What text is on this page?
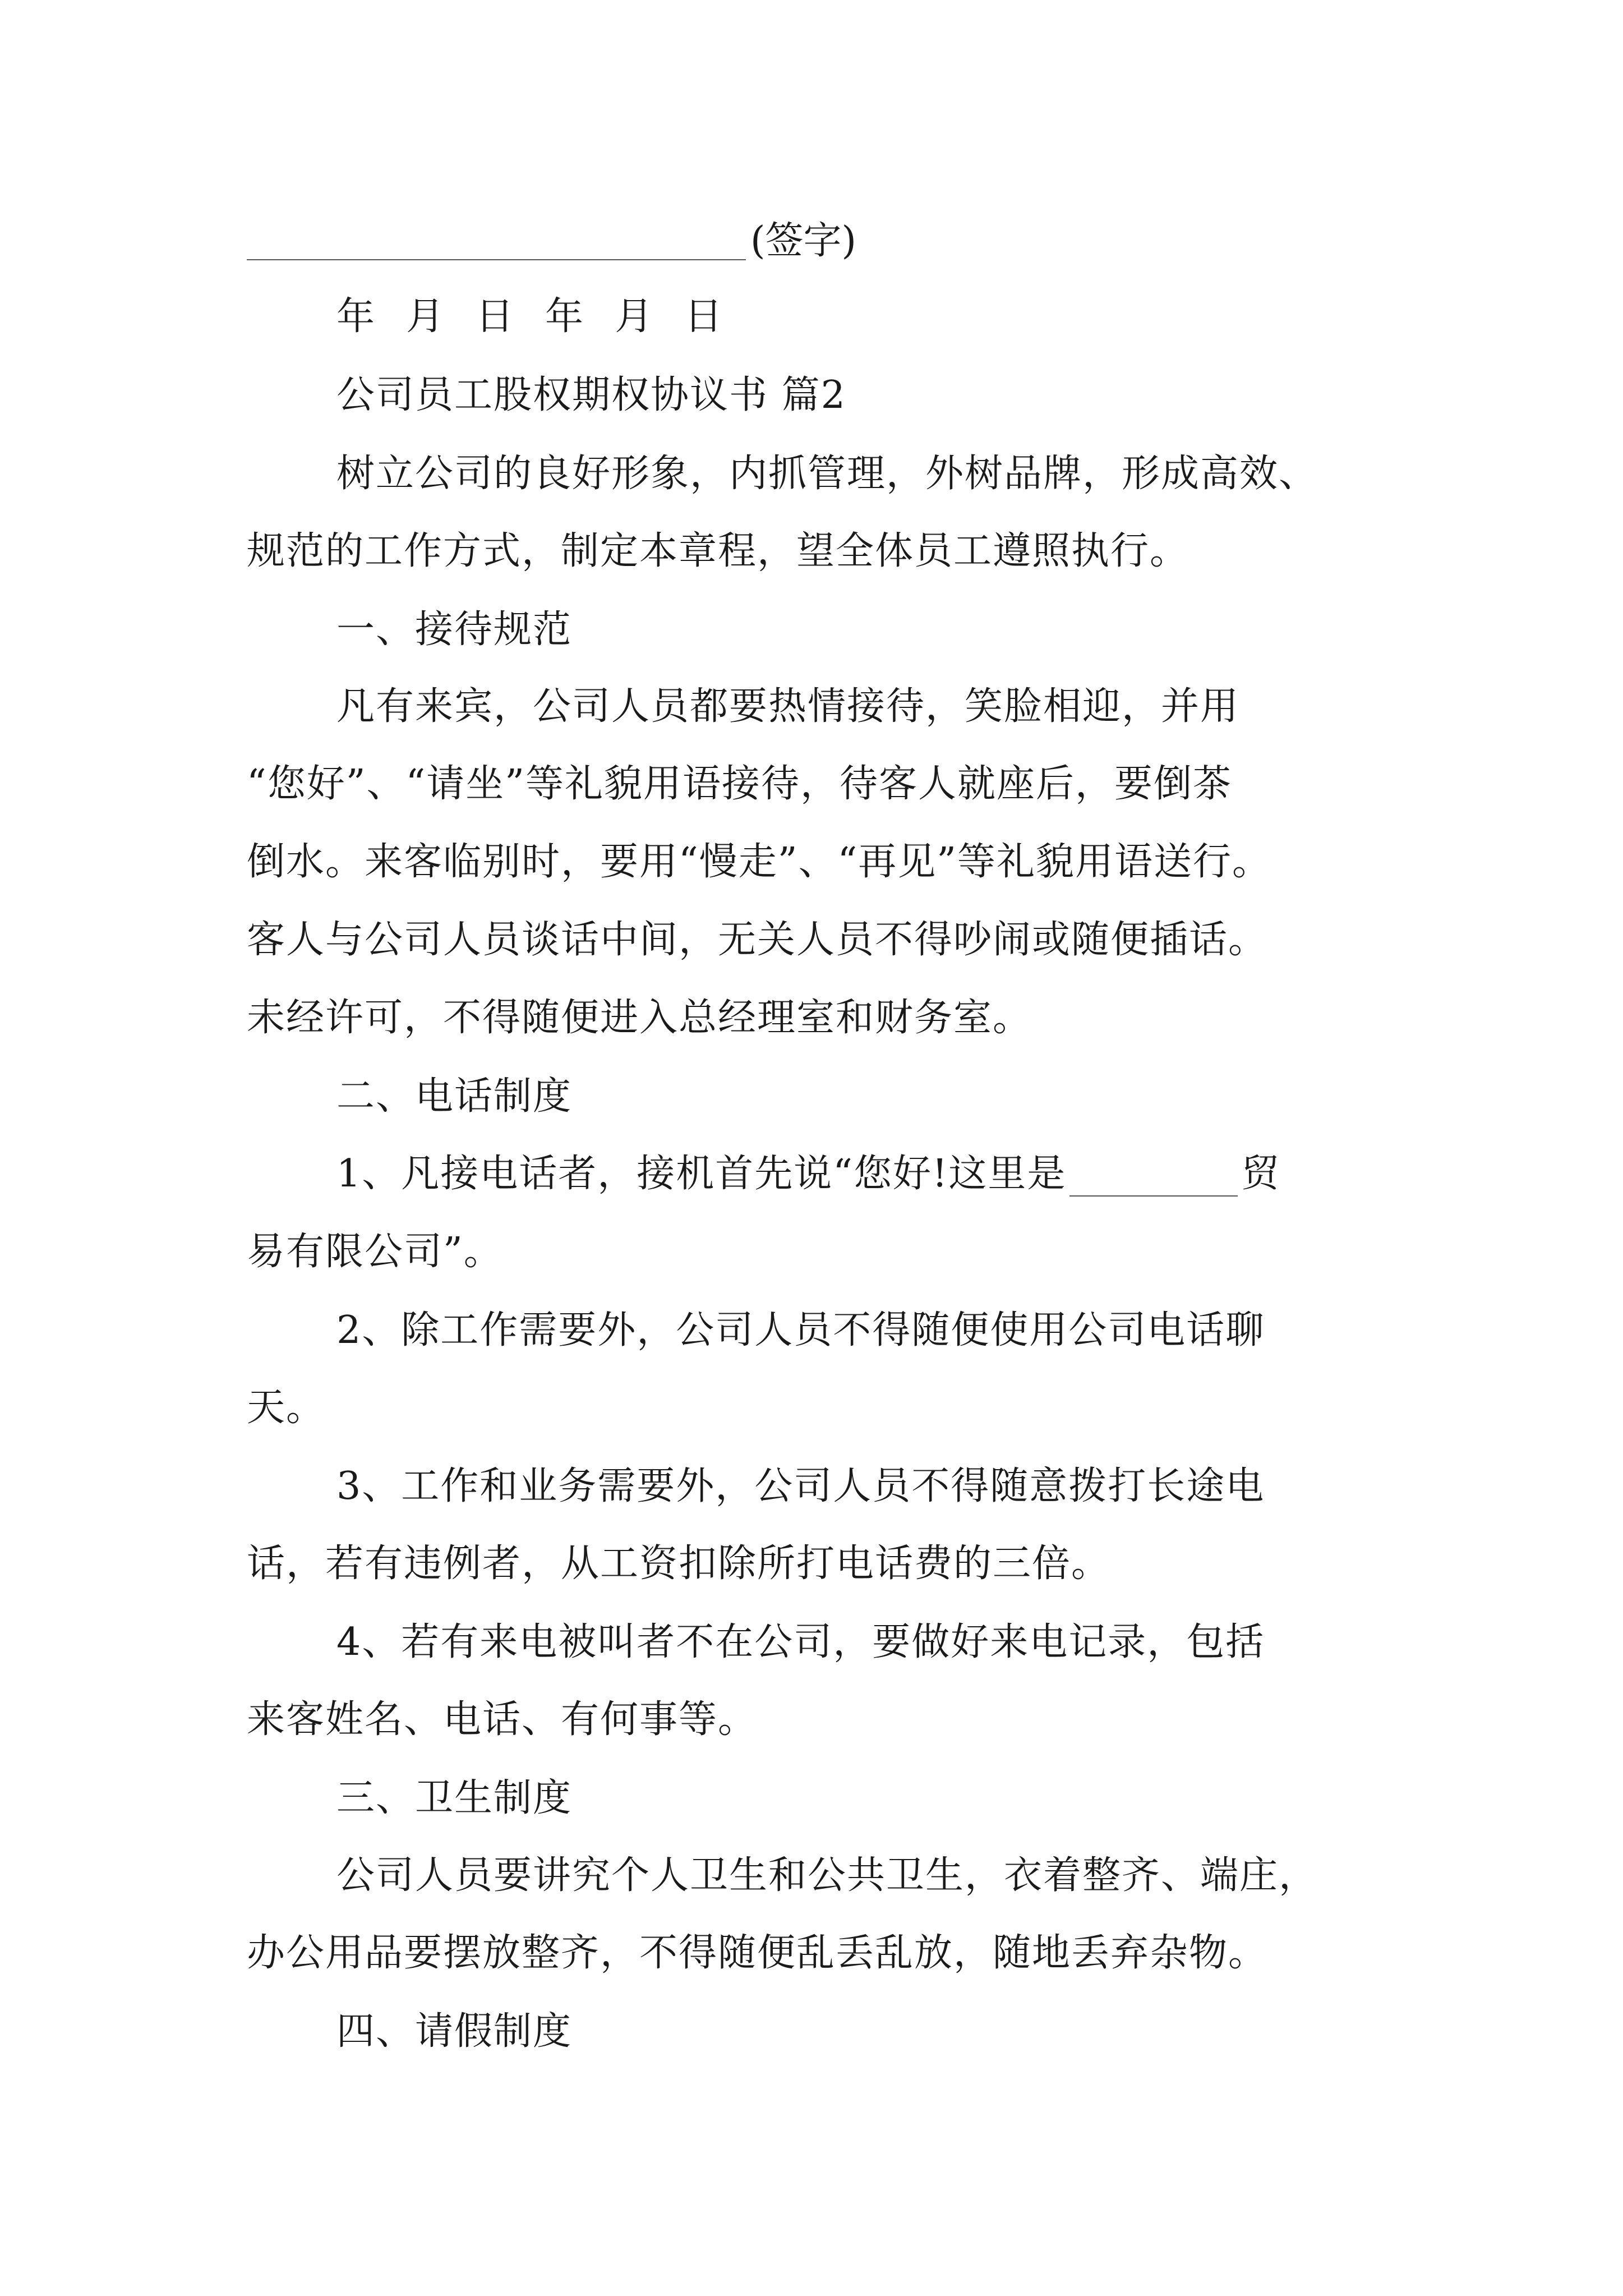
(签字)
年 月 日 年 月 日
公司员工股权期权协议书 篇2
树立公司的良好形象，内抓管理，外树品牌，形成高效、
规范的工作方式，制定本章程，望全体员工遵照执行。
一、接待规范
凡有来宾，公司人员都要热情接待，笑脸相迎，并用
“您好”、“请坐”等礼貌用语接待，待客人就座后，要倒茶
倒水。来客临别时，要用“慢走”、“再见”等礼貌用语送行。
客人与公司人员谈话中间，无关人员不得吵闹或随便插话。
未经许可，不得随便进入总经理室和财务室。
二、电话制度
1、凡接电话者，接机首先说“您好!这里是	贸
易有限公司”。
2、除工作需要外，公司人员不得随便使用公司电话聊
天。
3、工作和业务需要外，公司人员不得随意拨打长途电
话，若有违例者，从工资扣除所打电话费的三倍。
4、若有来电被叫者不在公司，要做好来电记录，包括
来客姓名、电话、有何事等。
三、卫生制度
公司人员要讲究个人卫生和公共卫生，衣着整齐、端庄，
办公用品要摆放整齐，不得随便乱丢乱放，随地丢弃杂物。
四、请假制度
